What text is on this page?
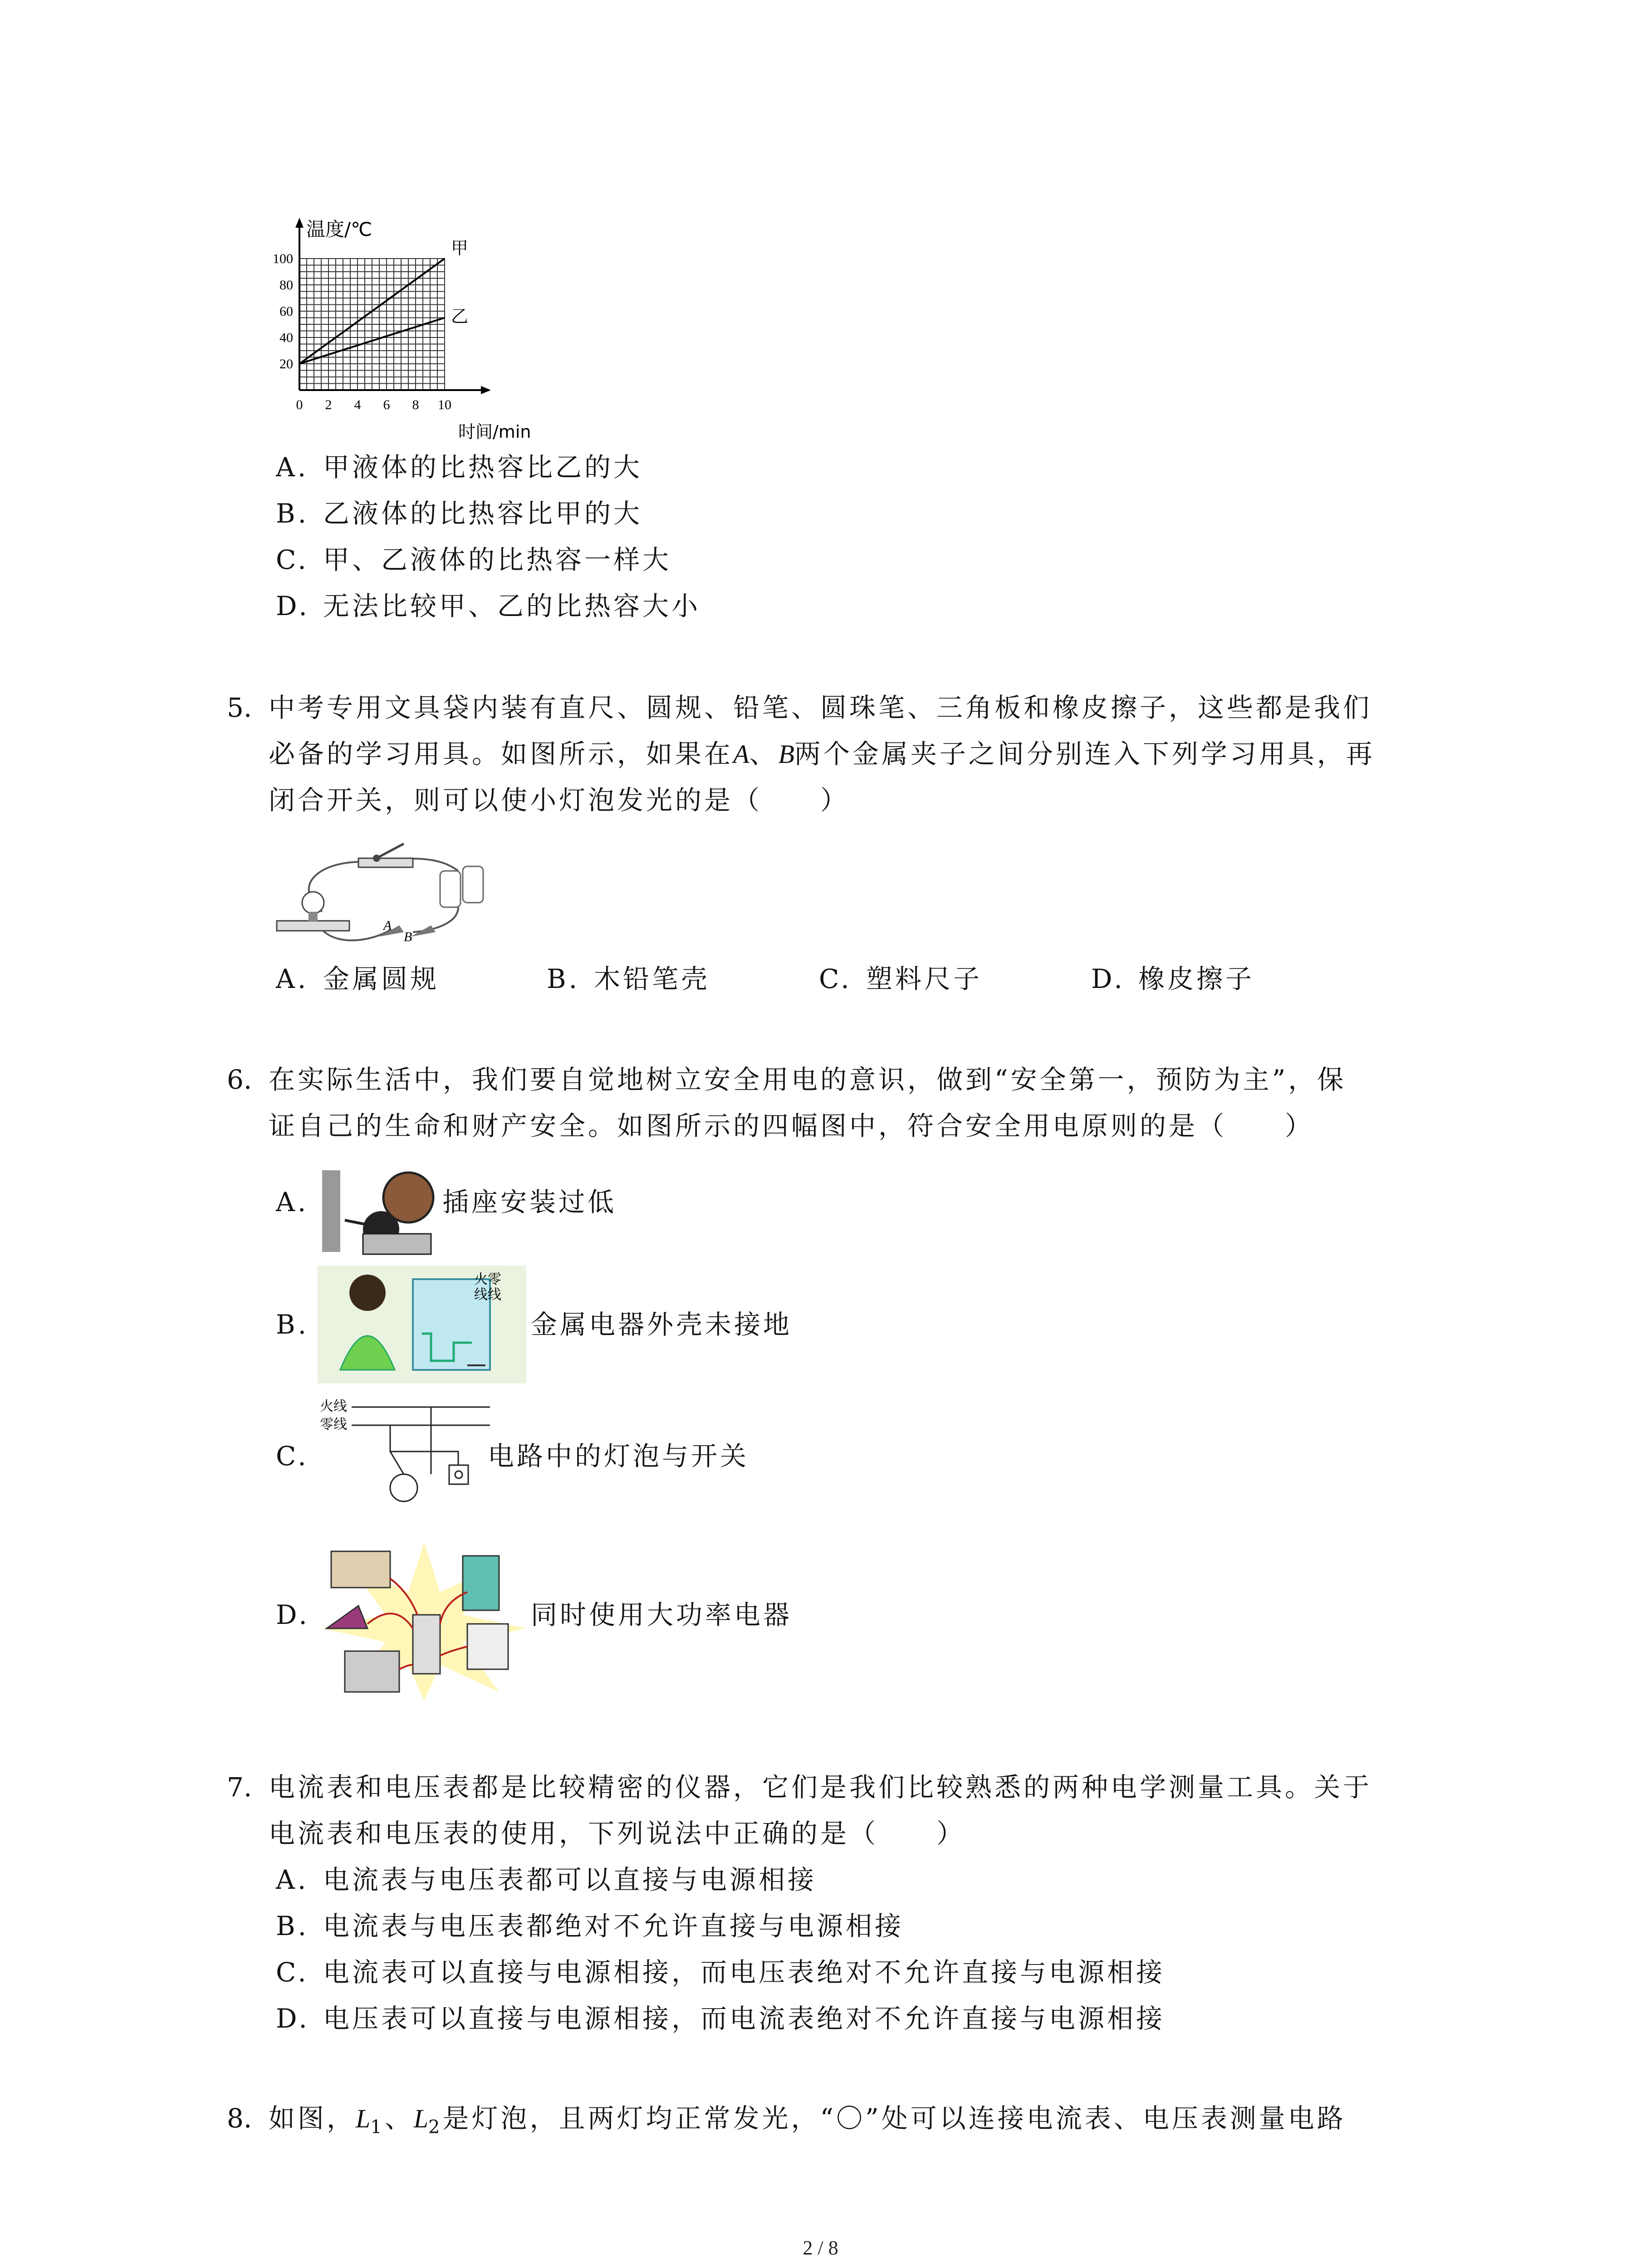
温度/℃
时间/min
0 2 4 6 8 10
20
40
60
80
100
甲
乙
A. 甲液体的比热容比乙的大
B. 乙液体的比热容比甲的大
C. 甲、乙液体的比热容一样大
D. 无法比较甲、乙的比热容大小
5. 中考专用文具袋内装有直尺、圆规、铅笔、圆珠笔、三角板和橡皮擦子，这些都是我们
必备的学习用具。如图所示，如果在A、B两个金属夹子之间分别连入下列学习用具，再
闭合开关，则可以使小灯泡发光的是（　　）
A
B
A. 金属圆规	B. 木铅笔壳	C. 塑料尺子	D. 橡皮擦子
6. 在实际生活中，我们要自觉地树立安全用电的意识，做到“安全第一，预防为主”，保
证自己的生命和财产安全。如图所示的四幅图中，符合安全用电原则的是（　　）
A.	插座安装过低
B.
火零线线
金属电器外壳未接地
C.
火线
零线
电路中的灯泡与开关
D.	同时使用大功率电器
7. 电流表和电压表都是比较精密的仪器，它们是我们比较熟悉的两种电学测量工具。关于
电流表和电压表的使用，下列说法中正确的是（　　）
A. 电流表与电压表都可以直接与电源相接
B. 电流表与电压表都绝对不允许直接与电源相接
C. 电流表可以直接与电源相接，而电压表绝对不允许直接与电源相接
D. 电压表可以直接与电源相接，而电流表绝对不允许直接与电源相接
8. 如图，$L_1$、$L_2$是灯泡，且两灯均正常发光，“〇”处可以连接电流表、电压表测量电路
2 / 8
